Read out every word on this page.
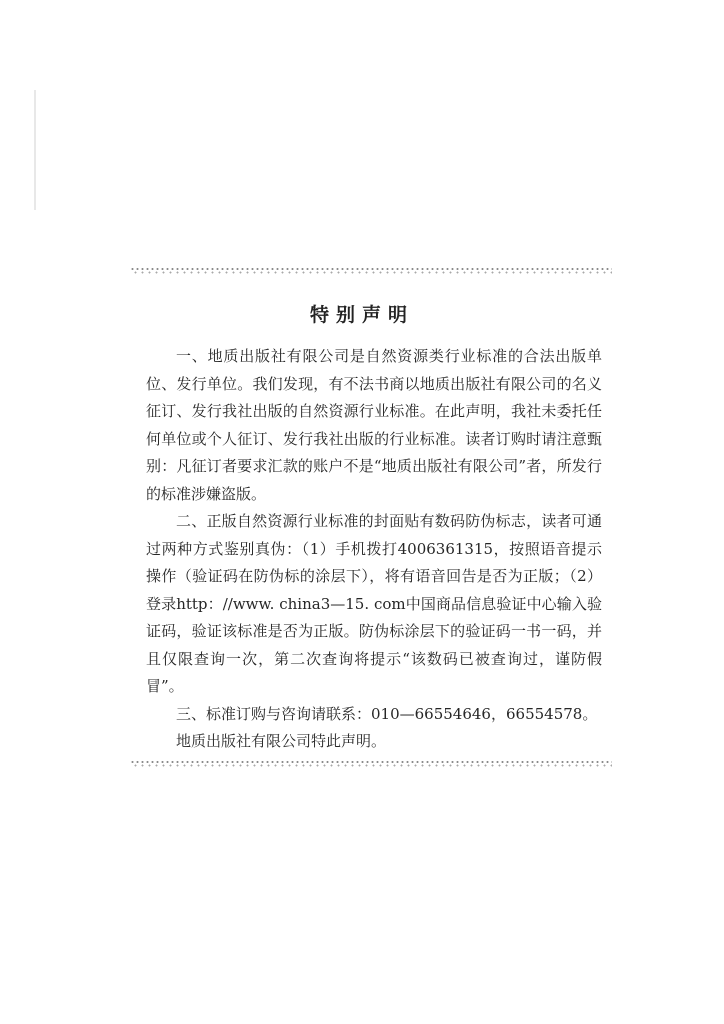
特别声明

一、地质出版社有限公司是自然资源类行业标准的合法出版单位、发行单位。我们发现，有不法书商以地质出版社有限公司的名义征订、发行我社出版的自然资源行业标准。在此声明，我社未委托任何单位或个人征订、发行我社出版的行业标准。读者订购时请注意甄别：凡征订者要求汇款的账户不是“地质出版社有限公司”者，所发行的标准涉嫌盗版。

二、正版自然资源行业标准的封面贴有数码防伪标志，读者可通过两种方式鉴别真伪：（1）手机拨打4006361315，按照语音提示操作（验证码在防伪标的涂层下），将有语音回告是否为正版；（2）登录http：//www. china3—15. com中国商品信息验证中心输入验证码，验证该标准是否为正版。防伪标涂层下的验证码一书一码，并且仅限查询一次，第二次查询将提示“该数码已被查询过，谨防假冒”。

三、标准订购与咨询请联系：010—66554646，66554578。

地质出版社有限公司特此声明。
